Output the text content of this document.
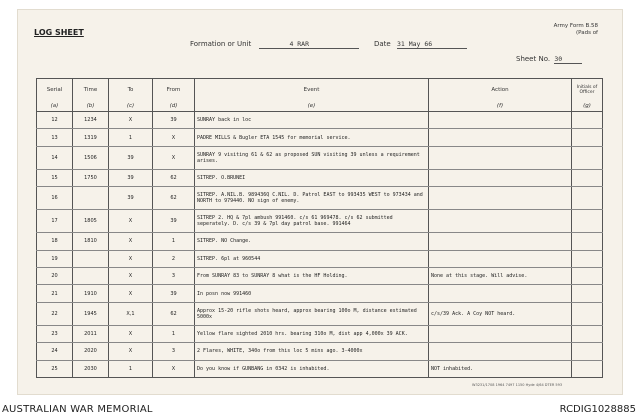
LOG SHEET
Army Form B.58
(Pads of
Formation or Unit	4 RAR	Date 31 May 66
Sheet No. 30
Serial	Time	To	From	Event	Action	Initials of Officer
(a)	(b)	(c)	(d)	(e)	(f)	(g)
12	1234	X	39	SUNRAY back in loc		
13	1319	1	X	PADRE MILLS & Bugler ETA 1545 for memorial service.		
14	1506	39	X	SUNRAY 9 visiting 61 & 62 as proposed SUN visiting 39 unless a requirement arises.		
15	1750	39	62	SITREP. O.BRUNEI		
16		39	62	SITREP. A.NIL.B. 989436Q C.NIL. D. Patrol EAST to 993435 WEST to 973434 and NORTH to 979440. NO sign of enemy.		
17	1805	X	39	SITREP 2. HQ & 7pl ambush 991460. c/s 61 969478. c/s 62 submitted seperately. D. c/s 39 & 7pl day patrol base. 991464		
18	1810	X	1	SITREP. NO Change.		
19		X	2	SITREP. 6pl at 960544		
20		X	3	From SUNRAY 83 to SUNRAY 8 what is the HF Holding.	None at this stage. Will advise.	
21	1910	X	39	In posn now 991460		
22	1945	X,1	62	Approx 15-20 rifle shots heard, approx bearing 100o M, distance estimated 5000x	c/s/39 Ack. A Coy NOT heard.	
23	2011	X	1	Yellow flare sighted 2010 hrs. bearing 310o M, dist app 4,000x 39 ACK.		
24	2020	X	3	2 Flares, WHITE, 340o from this loc 5 mins ago. 3-4000x		
25	2030	1	X	Do you know if GUNBANG in 0342 is inhabited.	NOT inhabited.	
W3231/1708 1964 7497 1150 Hyde 4/64 DTER 593
AUSTRALIAN WAR MEMORIAL	RCDIG1028885
